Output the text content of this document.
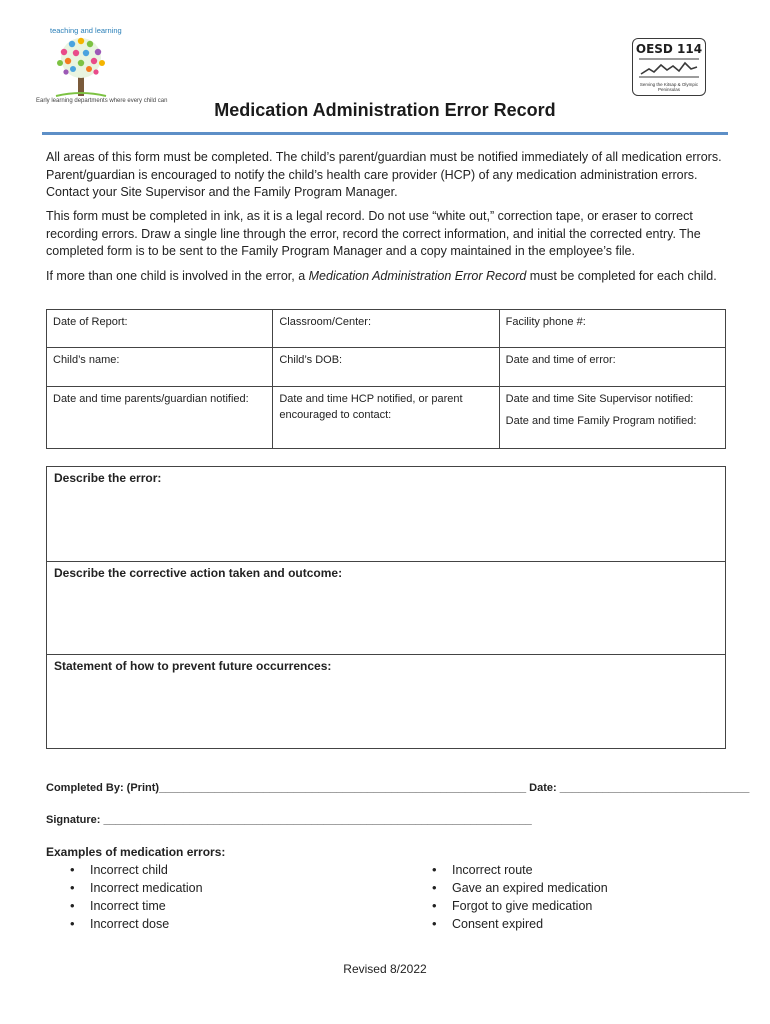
teaching and learning
Early learning departments where every child can
OESD 114
Serving the Kitsap & Olympic Peninsulas
Medication Administration Error Record
All areas of this form must be completed. The child’s parent/guardian must be notified immediately of all medication errors. Parent/guardian is encouraged to notify the child’s health care provider (HCP) of any medication administration errors. Contact your Site Supervisor and the Family Program Manager.
This form must be completed in ink, as it is a legal record. Do not use “white out,” correction tape, or eraser to correct recording errors. Draw a single line through the error, record the correct information, and initial the corrected entry. The completed form is to be sent to the Family Program Manager and a copy maintained in the employee’s file.
If more than one child is involved in the error, a Medication Administration Error Record must be completed for each child.
Date of Report:	Classroom/Center:	Facility phone #:
Child’s name:	Child’s DOB:	Date and time of error:
Date and time parents/guardian notified:	Date and time HCP notified, or parent encouraged to contact:	Date and time Site Supervisor notified:
Date and time Family Program notified:
Describe the error:
Describe the corrective action taken and outcome:
Statement of how to prevent future occurrences:
Completed By: (Print)____________________________________________________________ Date: _______________________________
Signature: ______________________________________________________________________
Examples of medication errors:
• Incorrect child
• Incorrect medication
• Incorrect time
• Incorrect dose
• Incorrect route
• Gave an expired medication
• Forgot to give medication
• Consent expired
Revised 8/2022
